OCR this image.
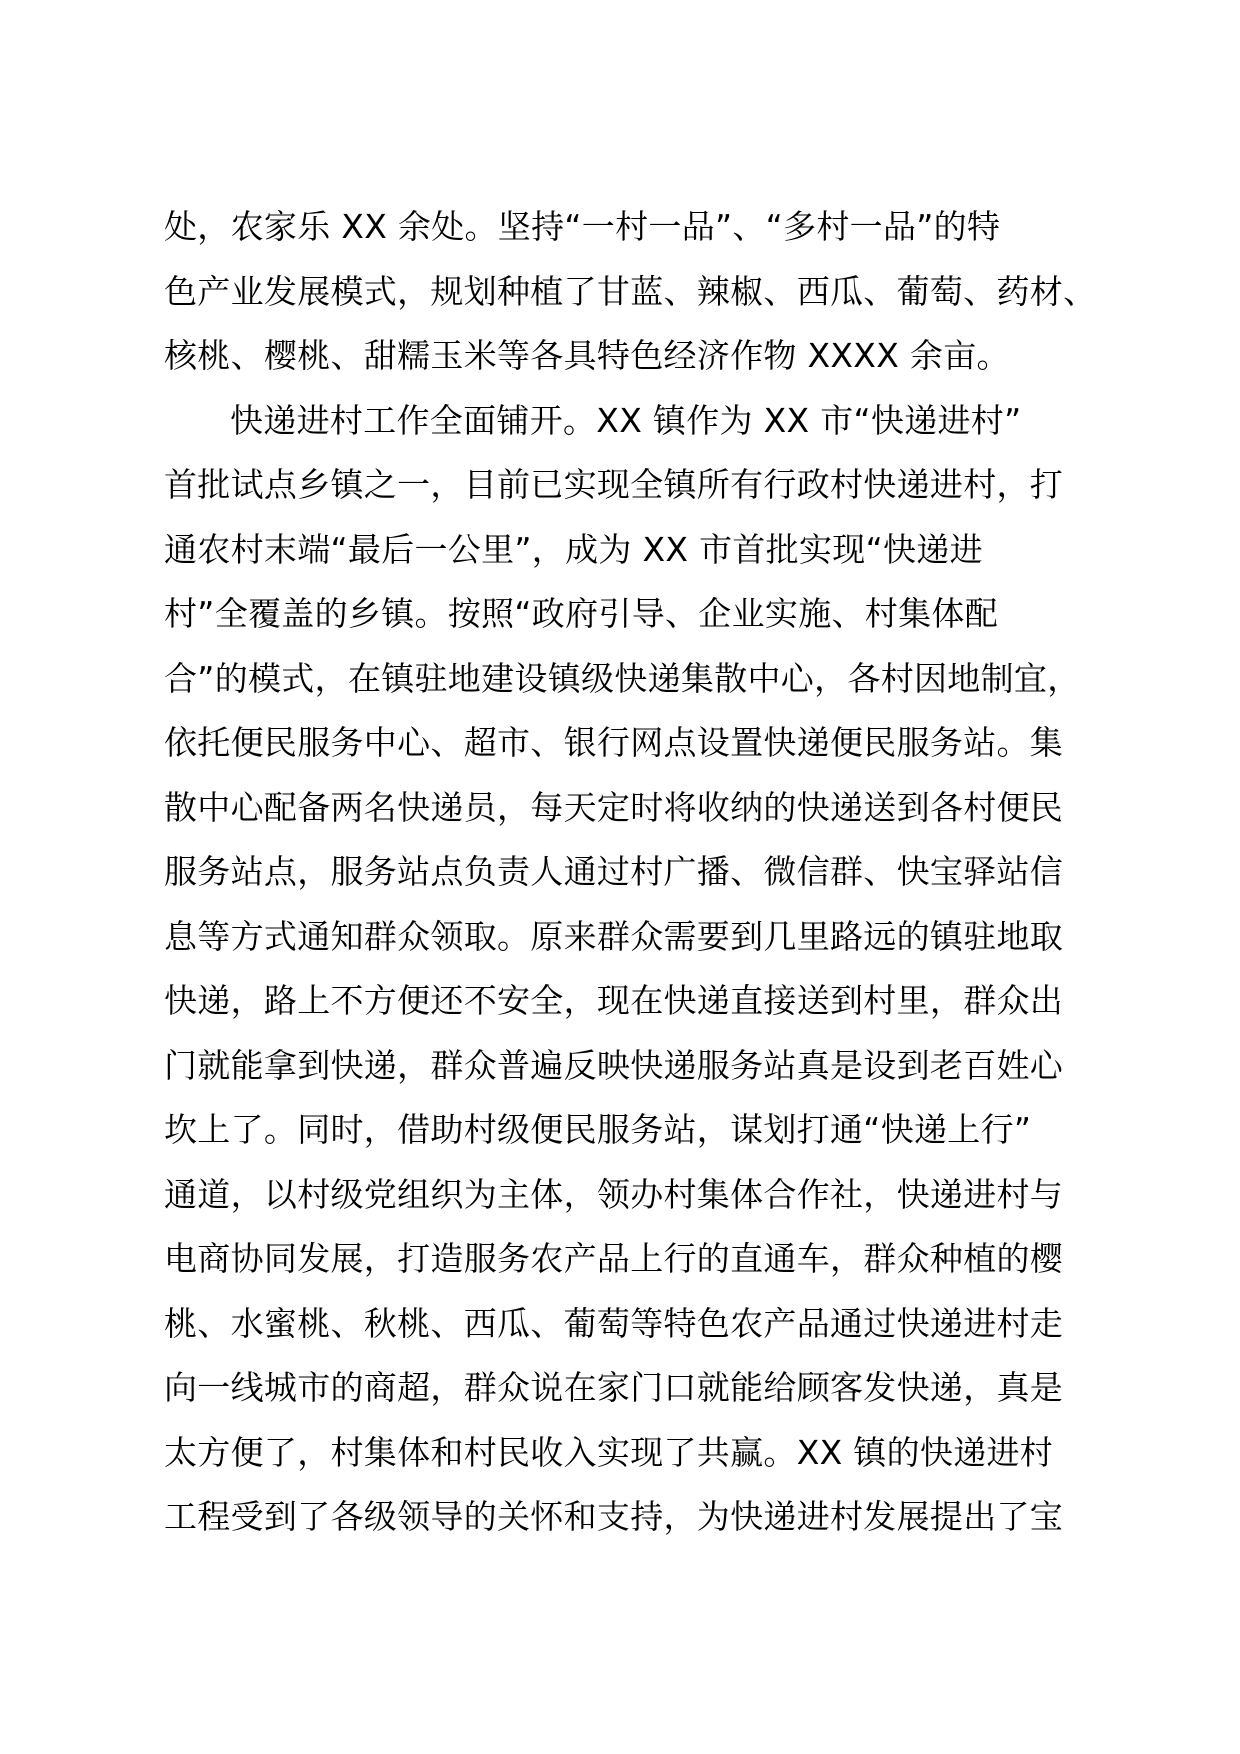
处，农家乐 XX 余处。坚持“一村一品”、“多村一品”的特
色产业发展模式，规划种植了甘蓝、辣椒、西瓜、葡萄、药材、
核桃、樱桃、甜糯玉米等各具特色经济作物 XXXX 余亩。
快递进村工作全面铺开。XX 镇作为 XX 市“快递进村”
首批试点乡镇之一，目前已实现全镇所有行政村快递进村，打
通农村末端“最后一公里”，成为 XX 市首批实现“快递进
村”全覆盖的乡镇。按照“政府引导、企业实施、村集体配
合”的模式，在镇驻地建设镇级快递集散中心，各村因地制宜，
依托便民服务中心、超市、银行网点设置快递便民服务站。集
散中心配备两名快递员，每天定时将收纳的快递送到各村便民
服务站点，服务站点负责人通过村广播、微信群、快宝驿站信
息等方式通知群众领取。原来群众需要到几里路远的镇驻地取
快递，路上不方便还不安全，现在快递直接送到村里，群众出
门就能拿到快递，群众普遍反映快递服务站真是设到老百姓心
坎上了。同时，借助村级便民服务站，谋划打通“快递上行”
通道，以村级党组织为主体，领办村集体合作社，快递进村与
电商协同发展，打造服务农产品上行的直通车，群众种植的樱
桃、水蜜桃、秋桃、西瓜、葡萄等特色农产品通过快递进村走
向一线城市的商超，群众说在家门口就能给顾客发快递，真是
太方便了，村集体和村民收入实现了共赢。XX 镇的快递进村
工程受到了各级领导的关怀和支持，为快递进村发展提出了宝
